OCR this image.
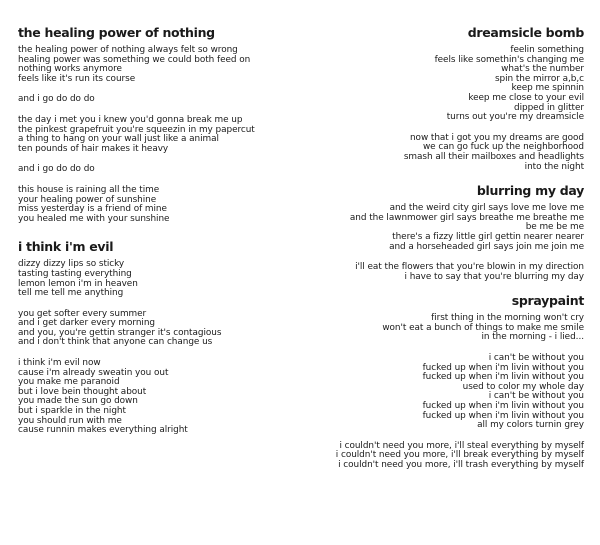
the healing power of nothing
the healing power of nothing always felt so wrong
healing power was something we could both feed on
nothing works anymore
feels like it's run its course
and i go do do do
the day i met you i knew you'd gonna break me up
the pinkest grapefruit you're squeezin in my papercut
a thing to hang on your wall just like a animal
ten pounds of hair makes it heavy
and i go do do do
this house is raining all the time
your healing power of sunshine
miss yesterday is a friend of mine
you healed me with your sunshine
i think i'm evil
dizzy dizzy lips so sticky
tasting tasting everything
lemon lemon i'm in heaven
tell me tell me anything
you get softer every summer
and i get darker every morning
and you, you're gettin stranger it's contagious
and i don't think that anyone can change us
i think i'm evil now
cause i'm already sweatin you out
you make me paranoid
but i love bein thought about
you made the sun go down
but i sparkle in the night
you should run with me
cause runnin makes everything alright
dreamsicle bomb
feelin something
feels like somethin's changing me
what's the number
spin the mirror a,b,c
keep me spinnin
keep me close to your evil
dipped in glitter
turns out you're my dreamsicle
now that i got you my dreams are good
we can go fuck up the neighborhood
smash all their mailboxes and headlights
into the night
blurring my day
and the weird city girl says love me love me
and the lawnmower girl says breathe me breathe me
be me be me
there's a fizzy little girl gettin nearer nearer
and a horseheaded girl says join me join me
i'll eat the flowers that you're blowin in my direction
i have to say that you're blurring my day
spraypaint
first thing in the morning won't cry
won't eat a bunch of things to make me smile
in the morning - i lied...
i can't be without you
fucked up when i'm livin without you
fucked up when i'm livin without you
used to color my whole day
i can't be without you
fucked up when i'm livin without you
fucked up when i'm livin without you
all my colors turnin grey
i couldn't need you more, i'll steal everything by myself
i couldn't need you more, i'll break everything by myself
i couldn't need you more, i'll trash everything by myself
